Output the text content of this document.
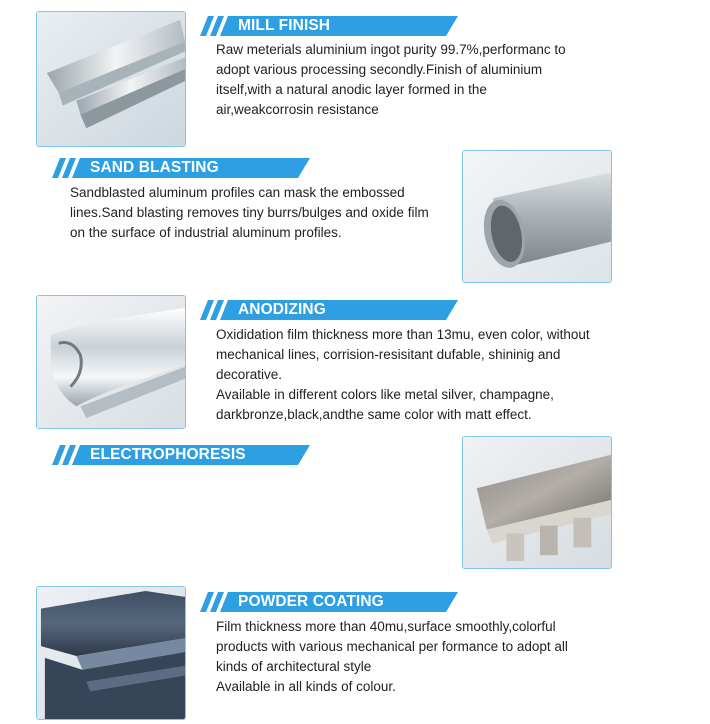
MILL FINISH

Raw meterials aluminium ingot purity 99.7%,performanc to

adopt various processing secondly.Finish of aluminium

itself,with a natural anodic layer formed in the

air,weakcorrosin resistance

SAND BLASTING

Sandblasted aluminum profiles can mask the embossed

lines.Sand blasting removes tiny burrs/bulges and oxide film

on the surface of industrial aluminum profiles.

ANODIZING

Oxididation film thickness more than 13mu, even color, without

mechanical lines, corrision-resisitant dufable, shininig and

decorative.

Available in different colors like metal silver, champagne,

darkbronze,black,andthe same color with matt effect.

ELECTROPHORESIS
POWDER COATING

Film thickness more than 40mu,surface smoothly,colorful

products with various mechanical per formance to adopt all

kinds of architectural style

Available in all kinds of colour.
